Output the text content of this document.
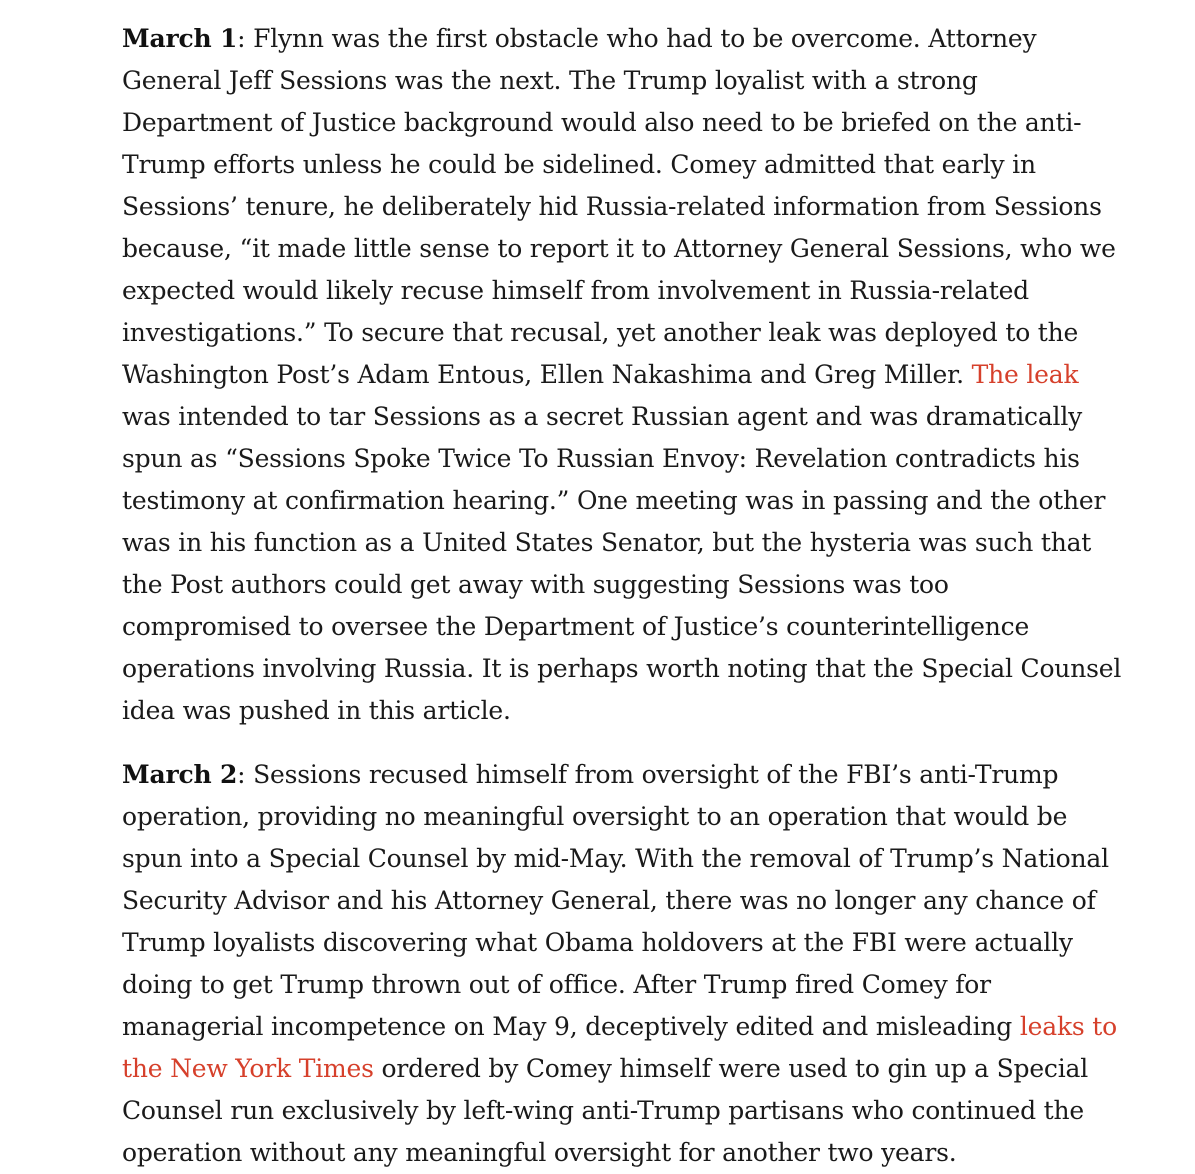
March 1: Flynn was the first obstacle who had to be overcome. Attorney General Jeff Sessions was the next. The Trump loyalist with a strong Department of Justice background would also need to be briefed on the anti-Trump efforts unless he could be sidelined. Comey admitted that early in Sessions’ tenure, he deliberately hid Russia-related information from Sessions because, “it made little sense to report it to Attorney General Sessions, who we expected would likely recuse himself from involvement in Russia-related investigations.” To secure that recusal, yet another leak was deployed to the Washington Post’s Adam Entous, Ellen Nakashima and Greg Miller. The leak was intended to tar Sessions as a secret Russian agent and was dramatically spun as “Sessions Spoke Twice To Russian Envoy: Revelation contradicts his testimony at confirmation hearing.” One meeting was in passing and the other was in his function as a United States Senator, but the hysteria was such that the Post authors could get away with suggesting Sessions was too compromised to oversee the Department of Justice’s counterintelligence operations involving Russia. It is perhaps worth noting that the Special Counsel idea was pushed in this article.

March 2: Sessions recused himself from oversight of the FBI’s anti-Trump operation, providing no meaningful oversight to an operation that would be spun into a Special Counsel by mid-May. With the removal of Trump’s National Security Advisor and his Attorney General, there was no longer any chance of Trump loyalists discovering what Obama holdovers at the FBI were actually doing to get Trump thrown out of office. After Trump fired Comey for managerial incompetence on May 9, deceptively edited and misleading leaks to the New York Times ordered by Comey himself were used to gin up a Special Counsel run exclusively by left-wing anti-Trump partisans who continued the operation without any meaningful oversight for another two years.
